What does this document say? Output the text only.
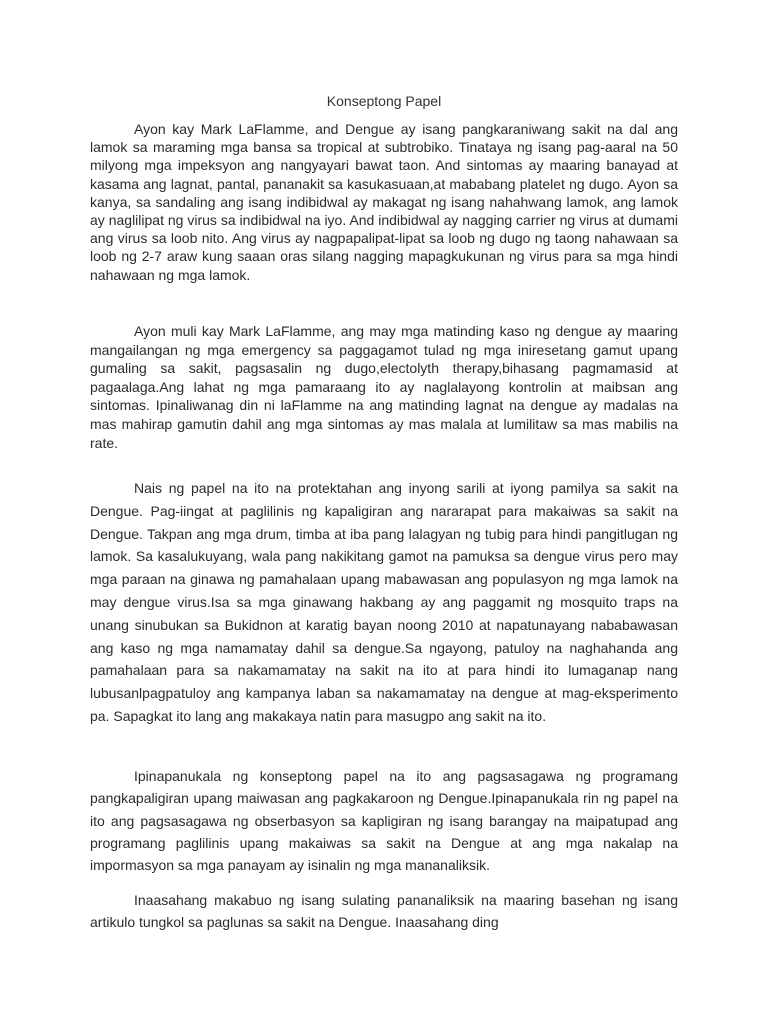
Konseptong Papel

Ayon kay Mark LaFlamme, and Dengue ay isang pangkaraniwang sakit na dal ang lamok sa maraming mga bansa sa tropical at subtrobiko. Tinataya ng isang pag-aaral na 50 milyong mga impeksyon ang nangyayari bawat taon. And sintomas ay maaring banayad at kasama ang lagnat, pantal, pananakit sa kasukasuaan,at mababang platelet ng dugo. Ayon sa kanya, sa sandaling ang isang indibidwal ay makagat ng isang nahahwang lamok, ang lamok ay naglilipat ng virus sa indibidwal na iyo. And indibidwal ay nagging carrier ng virus at dumami ang virus sa loob nito. Ang virus ay nagpapalipat-lipat sa loob ng dugo ng taong nahawaan sa loob ng 2-7 araw kung saaan oras silang nagging mapagkukunan ng virus para sa mga hindi nahawaan ng mga lamok.

Ayon muli kay Mark LaFlamme, ang may mga matinding kaso ng dengue ay maaring mangailangan ng mga emergency sa paggagamot tulad ng mga iniresetang gamut upang gumaling sa sakit, pagsasalin ng dugo,electolyth therapy,bihasang pagmamasid at pagaalaga.Ang lahat ng mga pamaraang ito ay naglalayong kontrolin at maibsan ang sintomas. Ipinaliwanag din ni laFlamme na ang matinding lagnat na dengue ay madalas na mas mahirap gamutin dahil ang mga sintomas ay mas malala at lumilitaw sa mas mabilis na rate.

Nais ng papel na ito na protektahan ang inyong sarili at iyong pamilya sa sakit na Dengue. Pag-iingat at paglilinis ng kapaligiran ang nararapat para makaiwas sa sakit na Dengue. Takpan ang mga drum, timba at iba pang lalagyan ng tubig para hindi pangitlugan ng lamok. Sa kasalukuyang, wala pang nakikitang gamot na pamuksa sa dengue virus pero may mga paraan na ginawa ng pamahalaan upang mabawasan ang populasyon ng mga lamok na may dengue virus.Isa sa mga ginawang hakbang ay ang paggamit ng mosquito traps na unang sinubukan sa Bukidnon at karatig bayan noong 2010 at napatunayang nababawasan ang kaso ng mga namamatay dahil sa dengue.Sa ngayong, patuloy na naghahanda ang pamahalaan para sa nakamamatay na sakit na ito at para hindi ito lumaganap nang lubusanlpagpatuloy ang kampanya laban sa nakamamatay na dengue at mag-eksperimento pa. Sapagkat ito lang ang makakaya natin para masugpo ang sakit na ito.

Ipinapanukala ng konseptong papel na ito ang pagsasagawa ng programang pangkapaligiran upang maiwasan ang pagkakaroon ng Dengue.Ipinapanukala rin ng papel na ito ang pagsasagawa ng obserbasyon sa kapligiran ng isang barangay na maipatupad ang programang paglilinis upang makaiwas sa sakit na Dengue at ang mga nakalap na impormasyon sa mga panayam ay isinalin ng mga mananaliksik.

Inaasahang makabuo ng isang sulating pananaliksik na maaring basehan ng isang artikulo tungkol sa paglunas sa sakit na Dengue. Inaasahang ding
